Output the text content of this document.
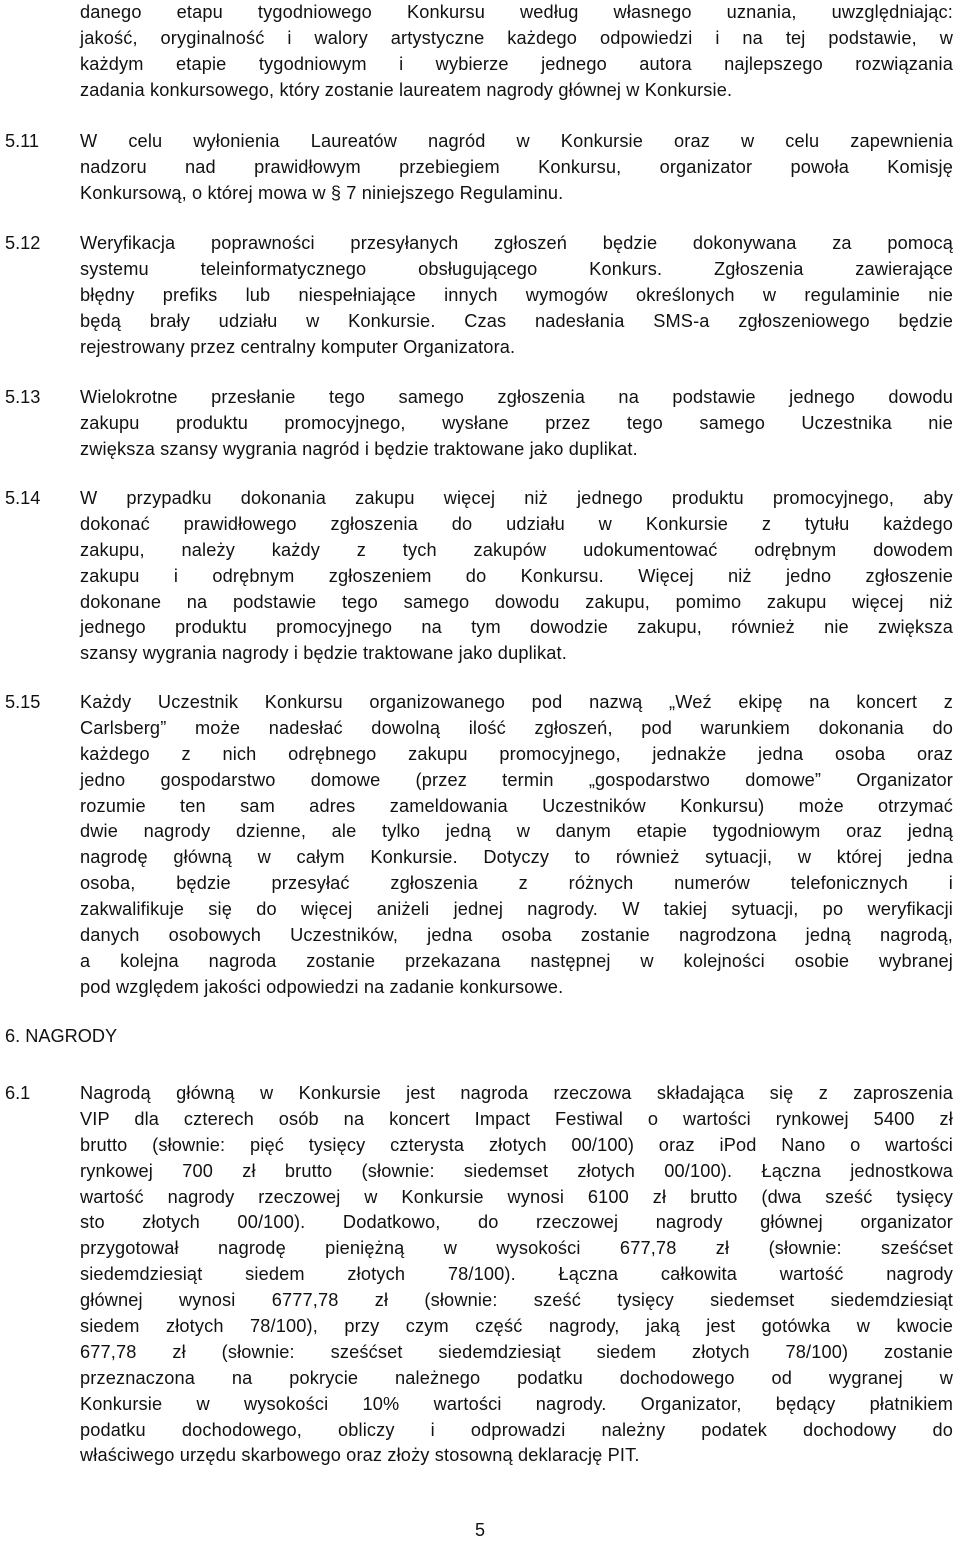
danego etapu tygodniowego Konkursu według własnego uznania, uwzględniając:
jakość, oryginalność i walory artystyczne każdego odpowiedzi i na tej podstawie, w
każdym etapie tygodniowym i wybierze jednego autora najlepszego rozwiązania
zadania konkursowego, który zostanie laureatem nagrody głównej w Konkursie.
5.11 W celu wyłonienia Laureatów nagród w Konkursie oraz w celu zapewnienia
nadzoru nad prawidłowym przebiegiem Konkursu, organizator powoła Komisję
Konkursową, o której mowa w § 7 niniejszego Regulaminu.
5.12 Weryfikacja poprawności przesyłanych zgłoszeń będzie dokonywana za pomocą
systemu teleinformatycznego obsługującego Konkurs. Zgłoszenia zawierające
błędny prefiks lub niespełniające innych wymogów określonych w regulaminie nie
będą brały udziału w Konkursie. Czas nadesłania SMS-a zgłoszeniowego będzie
rejestrowany przez centralny komputer Organizatora.
5.13 Wielokrotne przesłanie tego samego zgłoszenia na podstawie jednego dowodu
zakupu produktu promocyjnego, wysłane przez tego samego Uczestnika nie
zwiększa szansy wygrania nagród i będzie traktowane jako duplikat.
5.14 W przypadku dokonania zakupu więcej niż jednego produktu promocyjnego, aby
dokonać prawidłowego zgłoszenia do udziału w Konkursie z tytułu każdego
zakupu, należy każdy z tych zakupów udokumentować odrębnym dowodem
zakupu i odrębnym zgłoszeniem do Konkursu. Więcej niż jedno zgłoszenie
dokonane na podstawie tego samego dowodu zakupu, pomimo zakupu więcej niż
jednego produktu promocyjnego na tym dowodzie zakupu, również nie zwiększa
szansy wygrania nagrody i będzie traktowane jako duplikat.
5.15 Każdy Uczestnik Konkursu organizowanego pod nazwą „Weź ekipę na koncert z
Carlsberg” może nadesłać dowolną ilość zgłoszeń, pod warunkiem dokonania do
każdego z nich odrębnego zakupu promocyjnego, jednakże jedna osoba oraz
jedno gospodarstwo domowe (przez termin „gospodarstwo domowe” Organizator
rozumie ten sam adres zameldowania Uczestników Konkursu) może otrzymać
dwie nagrody dzienne, ale tylko jedną w danym etapie tygodniowym oraz jedną
nagrodę główną w całym Konkursie. Dotyczy to również sytuacji, w której jedna
osoba, będzie przesyłać zgłoszenia z różnych numerów telefonicznych i
zakwalifikuje się do więcej aniżeli jednej nagrody. W takiej sytuacji, po weryfikacji
danych osobowych Uczestników, jedna osoba zostanie nagrodzona jedną nagrodą,
a kolejna nagroda zostanie przekazana następnej w kolejności osobie wybranej
pod względem jakości odpowiedzi na zadanie konkursowe.
6. NAGRODY
6.1	Nagrodą główną w Konkursie jest nagroda rzeczowa składająca się z zaproszenia
VIP dla czterech osób na koncert Impact Festiwal o wartości rynkowej 5400 zł
brutto (słownie: pięć tysięcy czterysta złotych 00/100) oraz iPod Nano o wartości
rynkowej 700 zł brutto (słownie: siedemset złotych 00/100). Łączna jednostkowa
wartość nagrody rzeczowej w Konkursie wynosi 6100 zł brutto (dwa sześć tysięcy
sto złotych 00/100). Dodatkowo, do rzeczowej nagrody głównej organizator
przygotował nagrodę pieniężną w wysokości 677,78 zł (słownie: sześćset
siedemdziesiąt siedem złotych 78/100). Łączna całkowita wartość nagrody
głównej wynosi 6777,78 zł (słownie: sześć tysięcy siedemset siedemdziesiąt
siedem złotych 78/100), przy czym część nagrody, jaką jest gotówka w kwocie
677,78 zł (słownie: sześćset siedemdziesiąt siedem złotych 78/100) zostanie
przeznaczona na pokrycie należnego podatku dochodowego od wygranej w
Konkursie w wysokości 10% wartości nagrody. Organizator, będący płatnikiem
podatku dochodowego, obliczy i odprowadzi należny podatek dochodowy do
właściwego urzędu skarbowego oraz złoży stosowną deklarację PIT.
5
